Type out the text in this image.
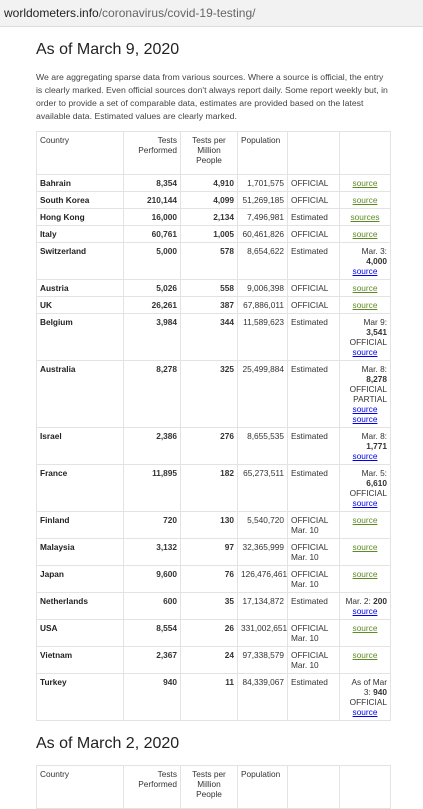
worldometers.info/coronavirus/covid-19-testing/
As of March 9, 2020

We are aggregating sparse data from various sources. Where a source is official, the entry is clearly marked. Even official sources don't always report daily. Some report weekly but, in order to provide a set of comparable data, estimates are provided based on the latest available data. Estimated values are clearly marked.

Country	Tests Performed	Tests per Million People	Population		
Bahrain	8,354	4,910	1,701,575	OFFICIAL	source
South Korea	210,144	4,099	51,269,185	OFFICIAL	source
Hong Kong	16,000	2,134	7,496,981	Estimated	sources
Italy	60,761	1,005	60,461,826	OFFICIAL	source
Switzerland	5,000	578	8,654,622	Estimated	Mar. 3: 4,000
source

Austria	5,026	558	9,006,398	OFFICIAL	source
UK	26,261	387	67,886,011	OFFICIAL	source
Belgium	3,984	344	11,589,623	Estimated	Mar 9: 3,541
OFFICIAL
source

Australia	8,278	325	25,499,884	Estimated	Mar. 8: 8,278
OFFICIAL PARTIAL
source
source

Israel	2,386	276	8,655,535	Estimated	Mar. 8: 1,771
source

France	11,895	182	65,273,511	Estimated	Mar. 5: 6,610
OFFICIAL
source

Finland	720	130	5,540,720	OFFICIAL Mar. 10	source
Malaysia	3,132	97	32,365,999	OFFICIAL Mar. 10	source
Japan	9,600	76	126,476,461	OFFICIAL Mar. 10	source
Netherlands	600	35	17,134,872	Estimated	Mar. 2: 200
source

USA	8,554	26	331,002,651	OFFICIAL Mar. 10	source
Vietnam	2,367	24	97,338,579	OFFICIAL Mar. 10	source
Turkey	940	11	84,339,067	Estimated	As of Mar 3: 940
OFFICIAL
source
As of March 2, 2020
Country	Tests Performed	Tests per Million People	Population		
